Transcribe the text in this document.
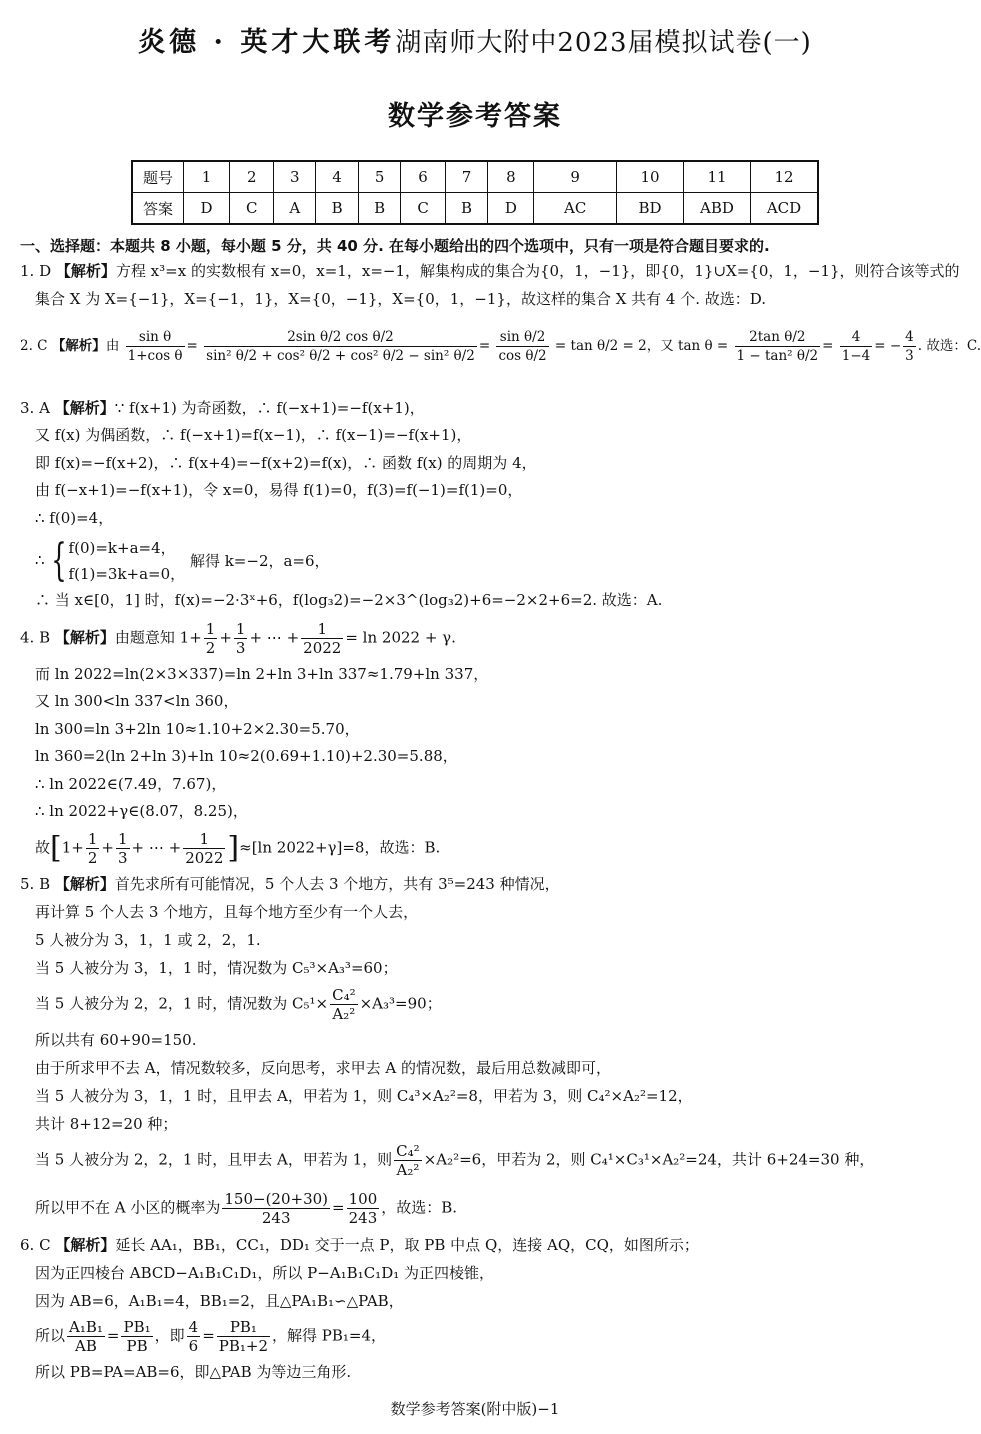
炎德 · 英才大联考湖南师大附中2023届模拟试卷(一)
数学参考答案
题号	1	2	3	4	5	6	7	8	9	10	11	12
答案	D	C	A	B	B	C	B	D	AC	BD	ABD	ACD
一、选择题：本题共 8 小题，每小题 5 分，共 40 分. 在每小题给出的四个选项中，只有一项是符合题目要求的.
1. D 【解析】方程 x³=x 的实数根有 x=0，x=1，x=−1，解集构成的集合为{0，1，−1}，即{0，1}∪X={0，1，−1}，则符合该等式的
集合 X 为 X={−1}，X={−1，1}，X={0，−1}，X={0，1，−1}，故这样的集合 X 共有 4 个. 故选：D.
2. C 【解析】由 $\frac{\text{sin θ}}{\text{1+cos θ}} = \frac{\text{2sin θ/2 cos θ/2}}{\text{sin² θ/2 + cos² θ/2 + cos² θ/2 − sin² θ/2}} = \frac{\text{sin θ/2}}{\text{cos θ/2}} = \tan \theta/2 = 2$，又 $\tan \theta = \frac{\text{2tan θ/2}}{\text{1 − tan² θ/2}} = \frac{4}{1-4}$ = − $\frac{4}{3}$ . 故选：C.
3. A 【解析】∵ f(x+1) 为奇函数，∴ f(−x+1)=−f(x+1)，
又 f(x) 为偶函数，∴ f(−x+1)=f(x−1)，∴ f(x−1)=−f(x+1)，
即 f(x)=−f(x+2)，∴ f(x+4)=−f(x+2)=f(x)，∴ 函数 f(x) 的周期为 4，
由 f(−x+1)=−f(x+1)，令 x=0，易得 f(1)=0，f(3)=f(−1)=f(1)=0，
∴ f(0)=4，
∴ { f(0)=k+a=4，
f(1)=3k+a=0，
解得 k=−2，a=6，
∴ 当 x∈[0，1] 时，f(x)=−2·3ˣ+6，f(log₃2)=−2×3^(log₃2)+6=−2×2+6=2. 故选：A.
4. B 【解析】由题意知 $1+ \frac{1}{2} + \frac{1}{3}$ + ⋯ + $\frac{1}{2022} = \ln 2022 + \gamma$.
而 ln 2022=ln(2×3×337)=ln 2+ln 3+ln 337≈1.79+ln 337，
又 ln 300<ln 337<ln 360，
ln 300=ln 3+2ln 10≈1.10+2×2.30=5.70，
ln 360=2(ln 2+ln 3)+ln 10≈2(0.69+1.10)+2.30=5.88，
∴ ln 2022∈(7.49，7.67)，
∴ ln 2022+γ∈(8.07，8.25)，
故[$1+ \frac{1}{2} + \frac{1}{3}$ + ⋯ + $\frac{1}{2022} ]\approx[\ln$ 2022+γ]=8，故选：B.
5. B 【解析】首先求所有可能情况，5 个人去 3 个地方，共有 3⁵=243 种情况，
再计算 5 个人去 3 个地方，且每个地方至少有一个人去，
5 人被分为 3，1，1 或 2，2，1.
当 5 人被分为 3，1，1 时，情况数为 C₅³×A₃³=60；
当 5 人被分为 2，2，1 时，情况数为 $C_5^1\times \frac{\text{C₄²}}{\text{A₂²}} \times A_3^3=90$；
所以共有 60+90=150.
由于所求甲不去 A，情况数较多，反向思考，求甲去 A 的情况数，最后用总数减即可，
当 5 人被分为 3，1，1 时，且甲去 A，甲若为 1，则 C₄³×A₂²=8，甲若为 3，则 C₄²×A₂²=12，
共计 8+12=20 种；
当 5 人被分为 2，2，1 时，且甲去 A，甲若为 1，则 $\frac{\text{C₄²}}{\text{A₂²}} \times A_2^2=6$，甲若为 2，则 C₄¹×C₃¹×A₂²=24，共计 6+24=30 种，
所以甲不在 A 小区的概率为 $\frac{150-(20+30)}{243} = \frac{100}{243}$ ，故选：B.
6. C 【解析】延长 AA₁，BB₁，CC₁，DD₁ 交于一点 P，取 PB 中点 Q，连接 AQ，CQ，如图所示；
因为正四棱台 ABCD−A₁B₁C₁D₁，所以 P−A₁B₁C₁D₁ 为正四棱锥，
因为 AB=6，A₁B₁=4，BB₁=2，且△PA₁B₁∽△PAB，
所以 $\frac{\text{A₁B₁}}{AB} = \frac{\text{PB₁}}{PB}$ ，即 $\frac{4}{6} = \frac{\text{PB₁}}{\text{PB₁+2}}$ ，解得 PB₁=4，
所以 PB=PA=AB=6，即△PAB 为等边三角形.
数学参考答案(附中版)−1
